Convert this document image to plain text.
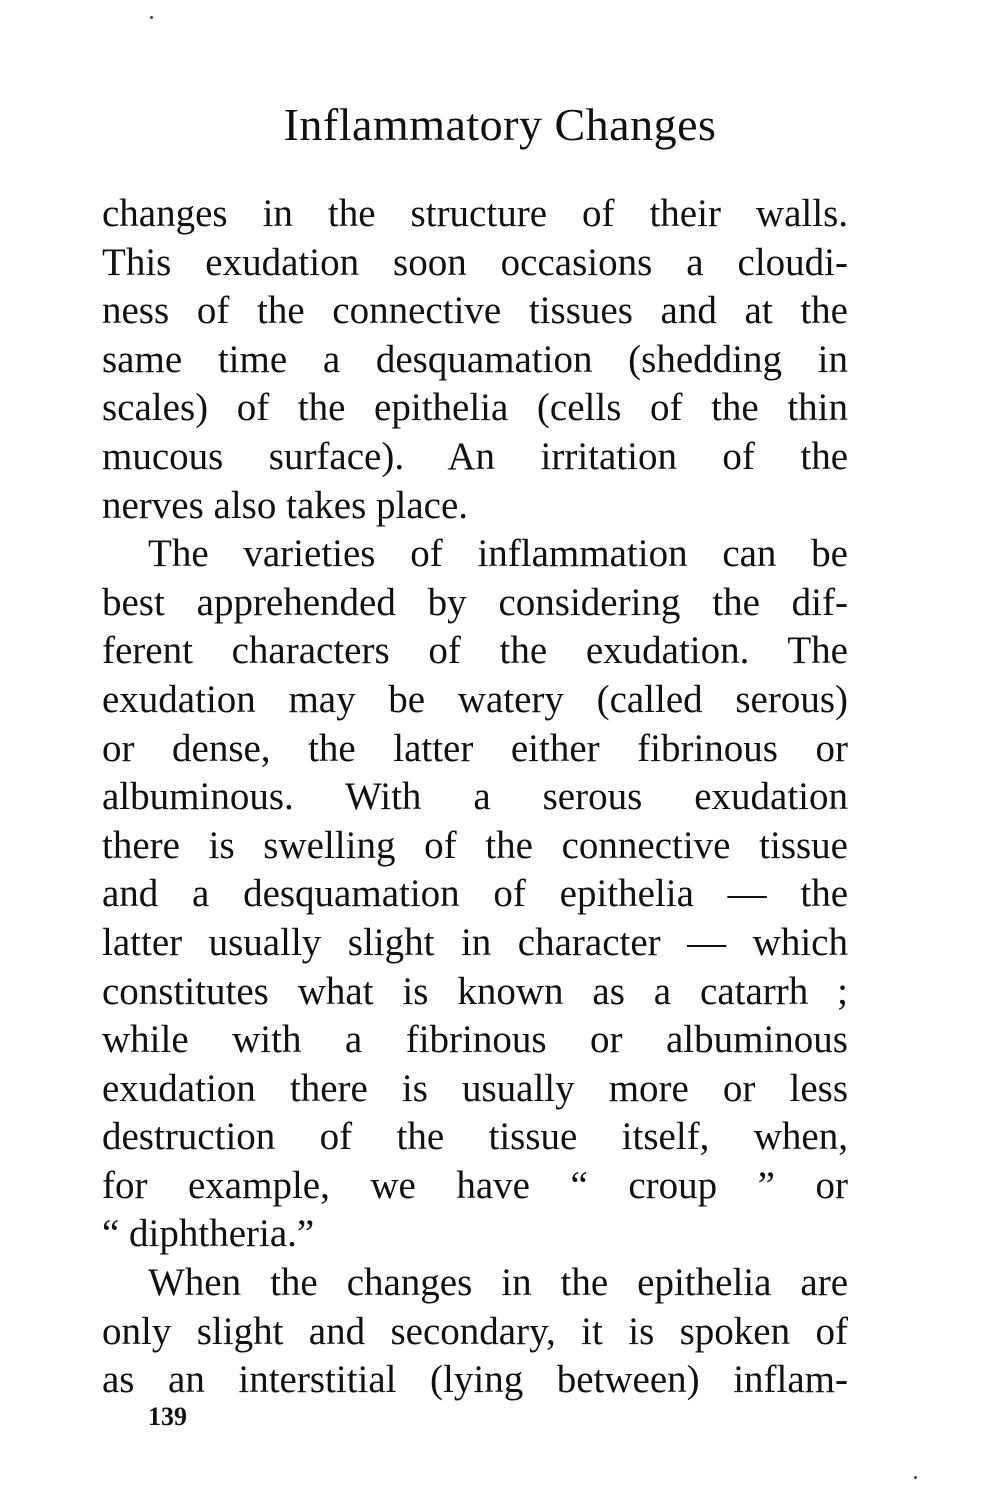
Inflammatory Changes
changes in the structure of their walls.
This exudation soon occasions a cloudi-
ness of the connective tissues and at the
same time a desquamation (shedding in
scales) of the epithelia (cells of the thin
mucous surface). An irritation of the
nerves also takes place.
The varieties of inflammation can be
best apprehended by considering the dif-
ferent characters of the exudation. The
exudation may be watery (called serous)
or dense, the latter either fibrinous or
albuminous. With a serous exudation
there is swelling of the connective tissue
and a desquamation of epithelia — the
latter usually slight in character — which
constitutes what is known as a catarrh ;
while with a fibrinous or albuminous
exudation there is usually more or less
destruction of the tissue itself, when,
for example, we have “ croup ” or
“ diphtheria.”
When the changes in the epithelia are
only slight and secondary, it is spoken of
as an interstitial (lying between) inflam-
139
